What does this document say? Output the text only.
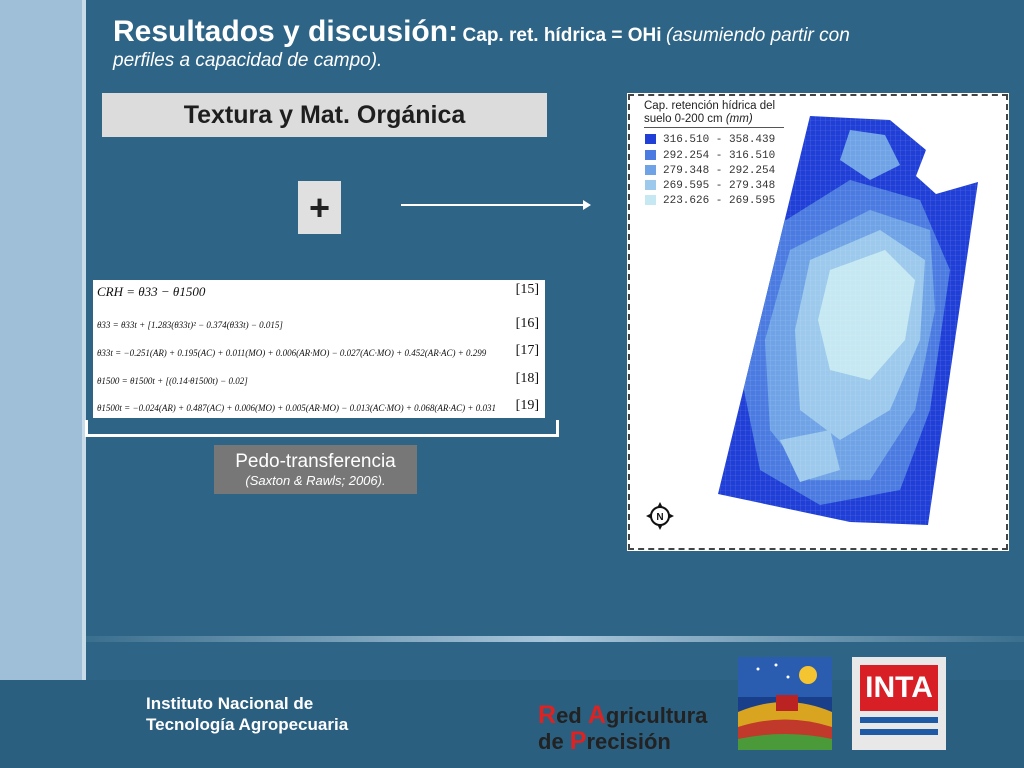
Resultados y discusión: Cap. ret. hídrica = OHi (asumiendo partir con
perfiles a capacidad de campo).
Textura y Mat. Orgánica
+
CRH = θ33 − θ1500	[15]
θ33 = θ33t + [1.283(θ33t)² − 0.374(θ33t) − 0.015]	[16]
θ33t = −0.251(AR) + 0.195(AC) + 0.011(MO) + 0.006(AR·MO) − 0.027(AC·MO) + 0.452(AR·AC) + 0.299 [17]
θ1500 = θ1500t + [(0.14·θ1500t) − 0.02]	[18]
θ1500t = −0.024(AR) + 0.487(AC) + 0.006(MO) + 0.005(AR·MO) − 0.013(AC·MO) + 0.068(AR·AC) + 0.031 [19]
Pedo-transferencia
(Saxton & Rawls; 2006).
Cap. retención hídrica del
suelo 0-200 cm (mm)
316.510 - 358.439
292.254 - 316.510
279.348 - 292.254
269.595 - 279.348
223.626 - 269.595
N
Instituto Nacional de
Tecnología Agropecuaria	Red Agricultura
de Precisión
INTA
